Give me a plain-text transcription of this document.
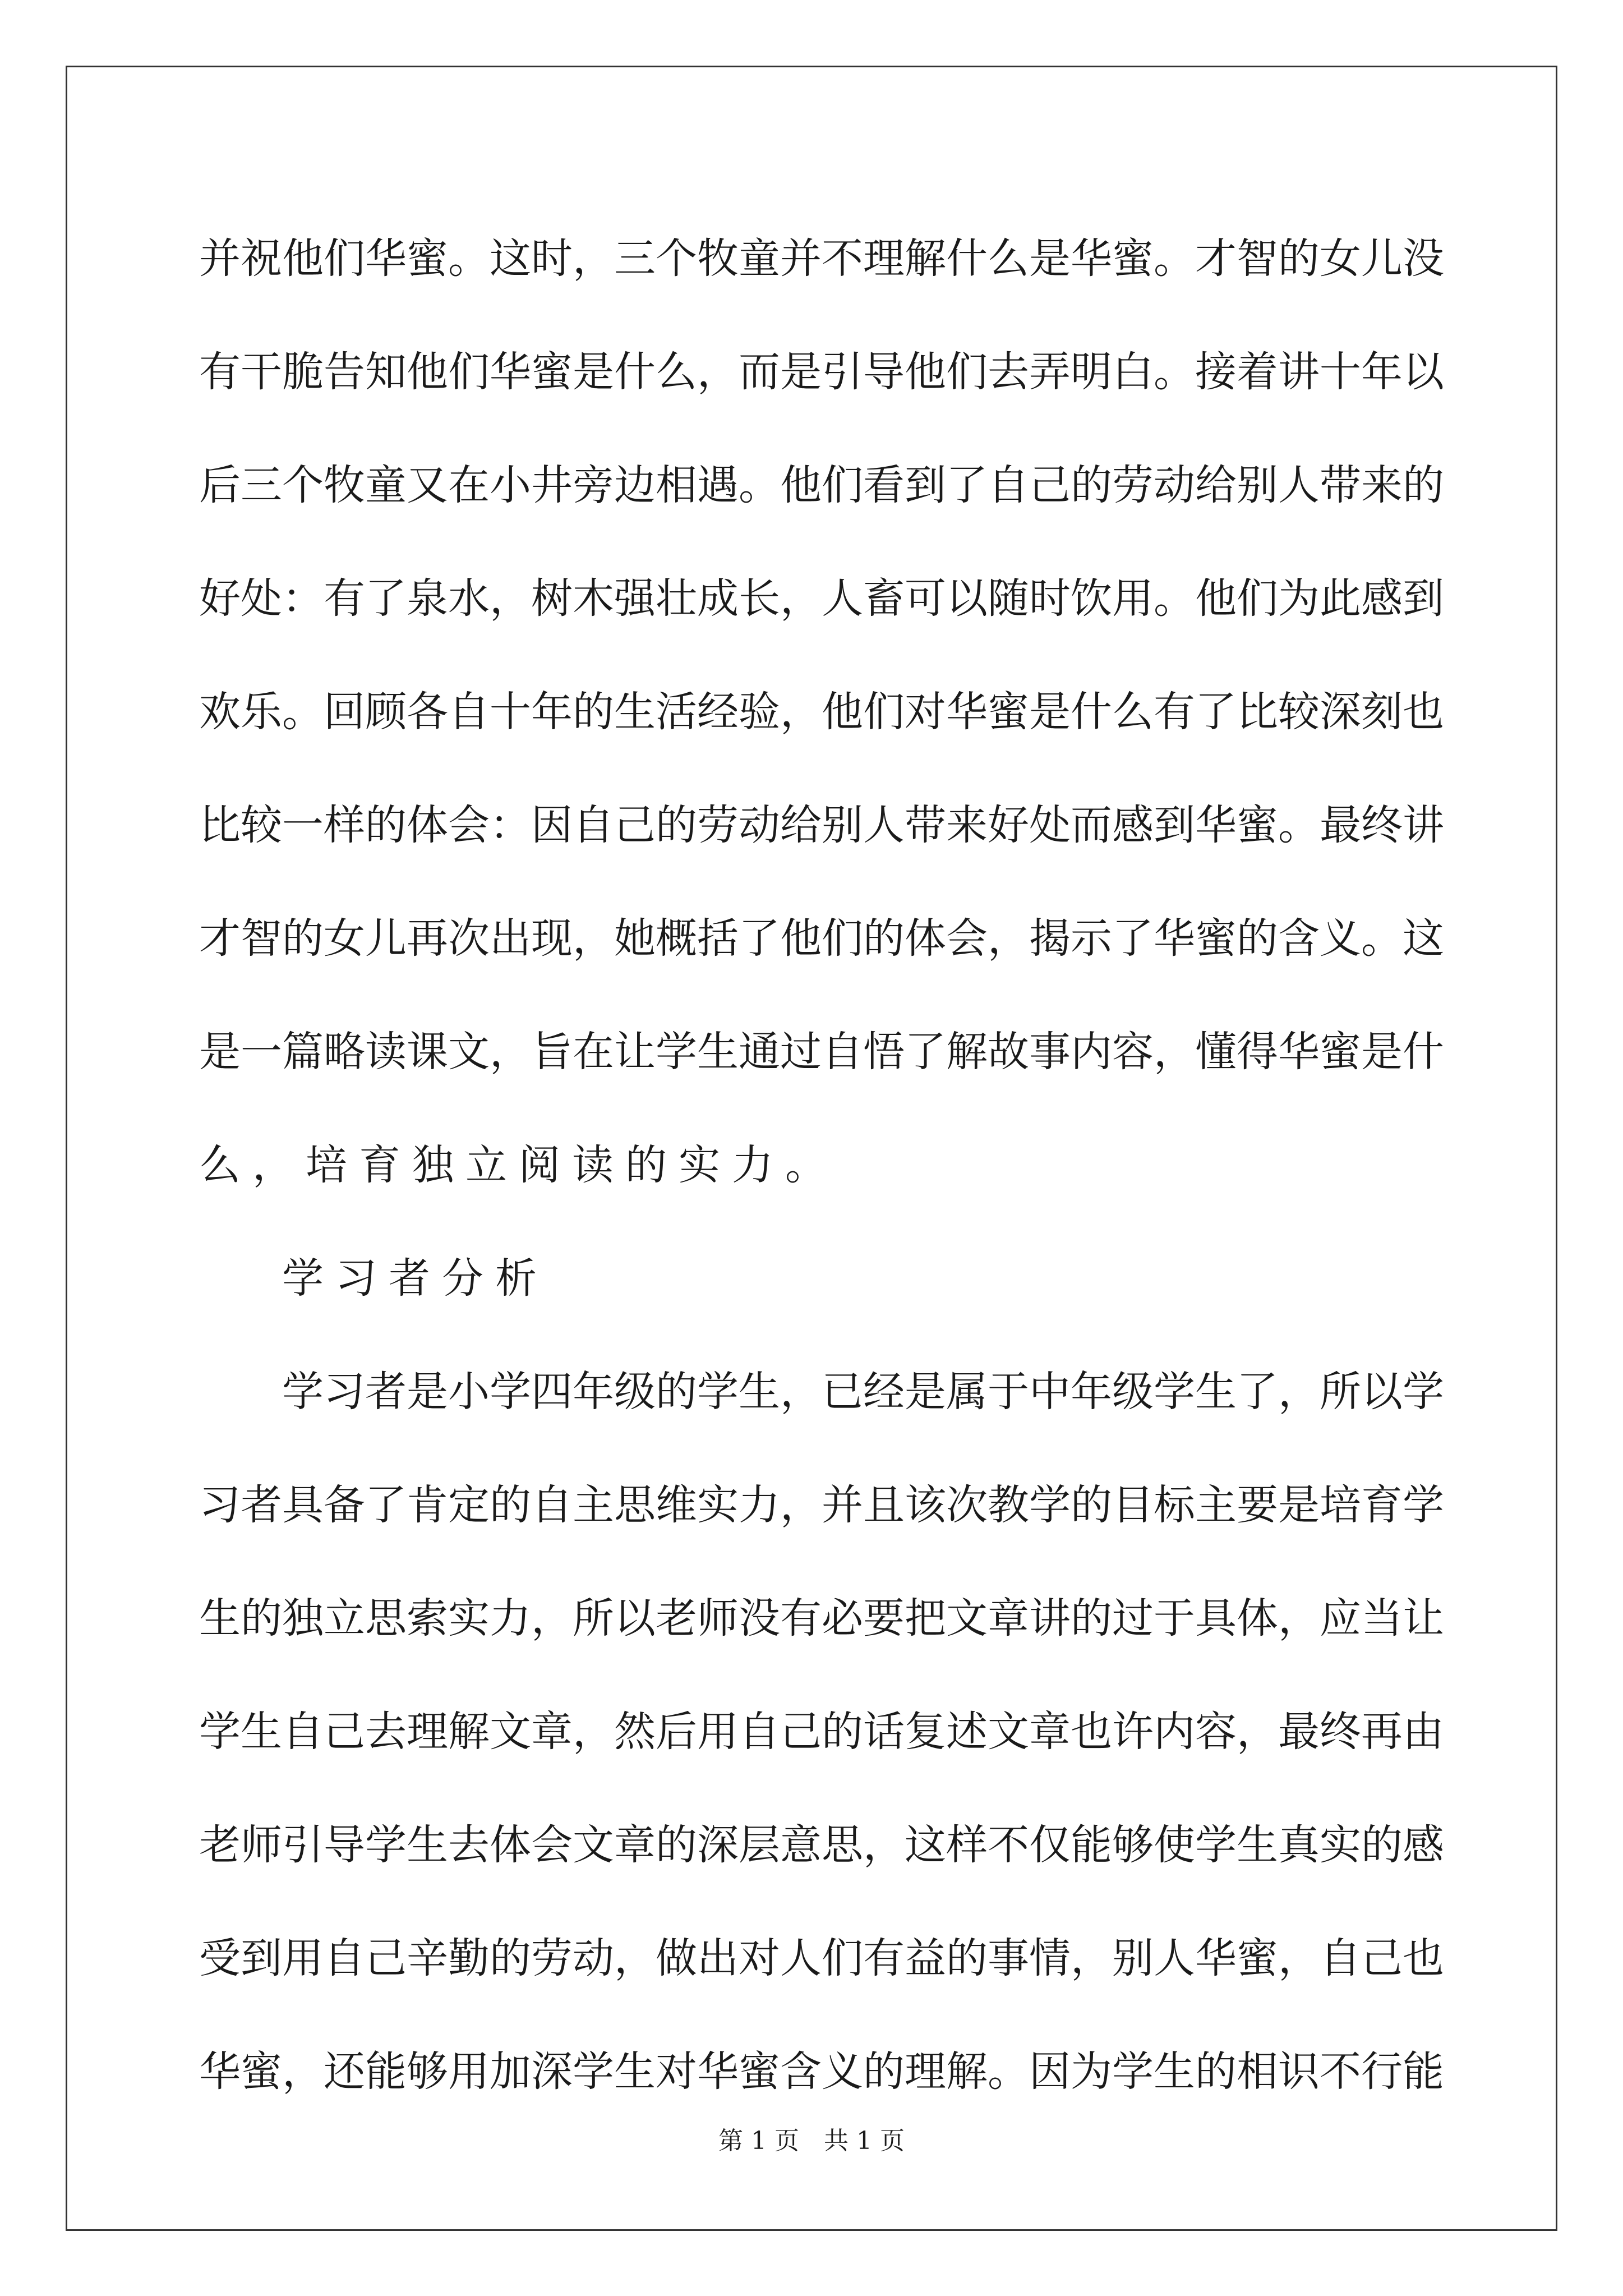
并祝他们华蜜。这时，三个牧童并不理解什么是华蜜。才智的女儿没
有干脆告知他们华蜜是什么，而是引导他们去弄明白。接着讲十年以
后三个牧童又在小井旁边相遇。他们看到了自己的劳动给别人带来的
好处：有了泉水，树木强壮成长，人畜可以随时饮用。他们为此感到
欢乐。回顾各自十年的生活经验，他们对华蜜是什么有了比较深刻也
比较一样的体会：因自己的劳动给别人带来好处而感到华蜜。最终讲
才智的女儿再次出现，她概括了他们的体会，揭示了华蜜的含义。这
是一篇略读课文，旨在让学生通过自悟了解故事内容，懂得华蜜是什
么，培育独立阅读的实力。
学习者分析
学习者是小学四年级的学生，已经是属于中年级学生了，所以学
习者具备了肯定的自主思维实力，并且该次教学的目标主要是培育学
生的独立思索实力，所以老师没有必要把文章讲的过于具体，应当让
学生自己去理解文章，然后用自己的话复述文章也许内容，最终再由
老师引导学生去体会文章的深层意思，这样不仅能够使学生真实的感
受到用自己辛勤的劳动，做出对人们有益的事情，别人华蜜，自己也
华蜜，还能够用加深学生对华蜜含义的理解。因为学生的相识不行能
第 1 页　共 1 页
